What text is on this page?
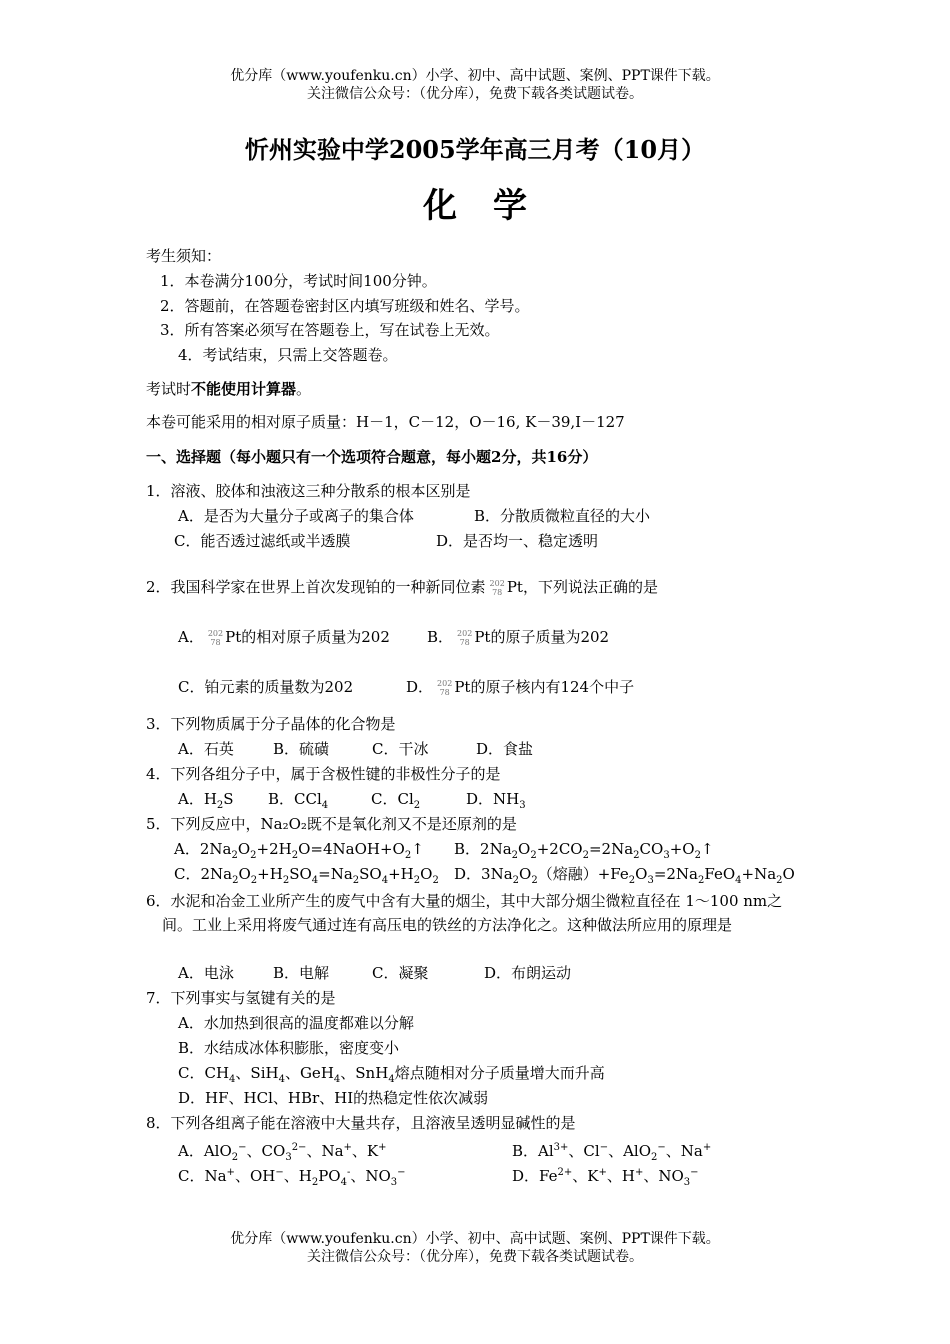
优分库（www.youfenku.cn）小学、初中、高中试题、案例、PPT课件下载。
关注微信公众号：（优分库），免费下载各类试题试卷。
忻州实验中学2005学年高三月考（10月）
化学
考生须知：
1．本卷满分100分，考试时间100分钟。
2．答题前，在答题卷密封区内填写班级和姓名、学号。
3．所有答案必须写在答题卷上，写在试卷上无效。
4．考试结束，只需上交答题卷。
考试时不能使用计算器。
本卷可能采用的相对原子质量：H－1，C－12，O－16, K－39,I－127
一、选择题（每小题只有一个选项符合题意，每小题2分，共16分）
1．溶液、胶体和浊液这三种分散系的根本区别是
A．是否为大量分子或离子的集合体	B．分散质微粒直径的大小
C．能否透过滤纸或半透膜	D．是否均一、稳定透明
2．我国科学家在世界上首次发现铂的一种新同位素 202
78 Pt，下列说法正确的是
A． 202
78 Pt的相对原子质量为202 B． 202
78 Pt的原子质量为202
C．铂元素的质量数为202	D． 202
78 Pt的原子核内有124个中子
3．下列物质属于分子晶体的化合物是
A．石英	B．硫磺	C．干冰	D．食盐
4．下列各组分子中，属于含极性键的非极性分子的是
A．$H_2S$ B．CCl$_4$	C．$Cl_2$	D．$NH_3$
5．下列反应中，Na₂O₂既不是氧化剂又不是还原剂的是
A．$2Na_2O_2+2H_2O=4NaOH+O_2↑$ B．$2Na_2O_2+2CO_2=2Na_2CO_3+O_2↑$
C．$2Na_2O_2+H_2SO_4=Na_2SO_4+H_2O_2$ D．$3Na_2O_2$（熔融）$+Fe_2O_3=2Na_2FeO_4+Na_2O$
6．水泥和冶金工业所产生的废气中含有大量的烟尘，其中大部分烟尘微粒直径在 1～100 nm之间。工业上采用将废气通过连有高压电的铁丝的方法净化之。这种做法所应用的原理是
A．电泳	B．电解	C．凝聚	D．布朗运动
7．下列事实与氢键有关的是
A．水加热到很高的温度都难以分解
B．水结成冰体积膨胀，密度变小
C．$CH_4$、SiH$_4$、GeH$_4$、SnH$_4$熔点随相对分子质量增大而升高
D．HF、HCl、HBr、HI的热稳定性依次减弱
8．下列各组离子能在溶液中大量共存，且溶液呈透明显碱性的是
A．AlO$_2$−、$CO_3^{2-}$、Na+、K+	B．$Al^{3+}$、Cl−、AlO$_2$−、Na+
C．Na+、OH−、$H_2PO_4^-$、$NO_3^-$	D．$Fe^{2+}$、K+、H+、$NO_3^-$
优分库（www.youfenku.cn）小学、初中、高中试题、案例、PPT课件下载。
关注微信公众号：（优分库），免费下载各类试题试卷。
